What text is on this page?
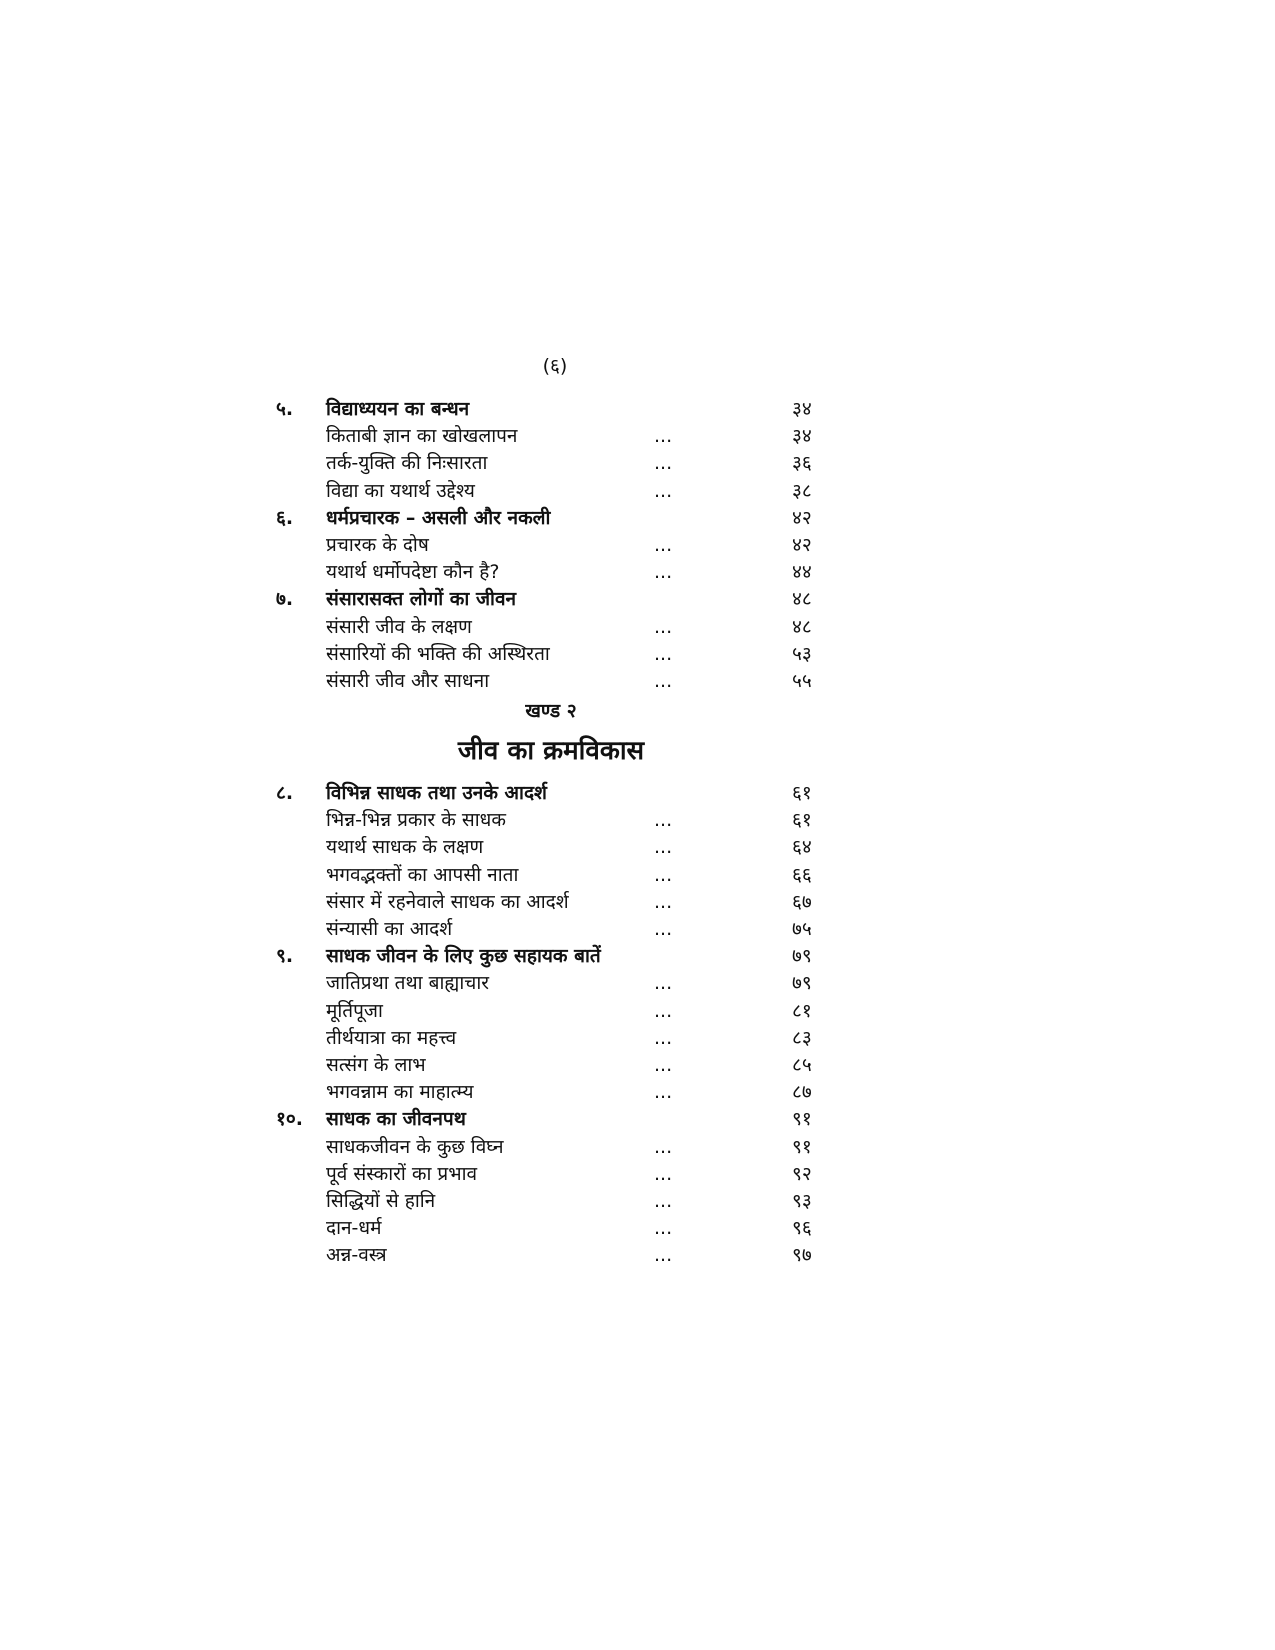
(६)
५. विद्याध्ययन का बन्धन	३४
किताबी ज्ञान का खोखलापन	...	३४
तर्क-युक्ति की निःसारता	...	३६
विद्या का यथार्थ उद्देश्य	...	३८
६. धर्मप्रचारक – असली और नकली	४२
प्रचारक के दोष	...	४२
यथार्थ धर्मोपदेष्टा कौन है?	...	४४
७. संसारासक्त लोगों का जीवन	४८
संसारी जीव के लक्षण	...	४८
संसारियों की भक्ति की अस्थिरता	...	५३
संसारी जीव और साधना	...	५५
खण्ड २
जीव का क्रमविकास
८. विभिन्न साधक तथा उनके आदर्श	६१
भिन्न-भिन्न प्रकार के साधक	...	६१
यथार्थ साधक के लक्षण	...	६४
भगवद्भक्तों का आपसी नाता	...	६६
संसार में रहनेवाले साधक का आदर्श	...	६७
संन्यासी का आदर्श	...	७५
९. साधक जीवन के लिए कुछ सहायक बातें	७९
जातिप्रथा तथा बाह्याचार	...	७९
मूर्तिपूजा	...	८१
तीर्थयात्रा का महत्त्व	...	८३
सत्संग के लाभ	...	८५
भगवन्नाम का माहात्म्य	...	८७
१०. साधक का जीवनपथ	९१
साधकजीवन के कुछ विघ्न	...	९१
पूर्व संस्कारों का प्रभाव	...	९२
सिद्धियों से हानि	...	९३
दान-धर्म	...	९६
अन्न-वस्त्र	...	९७
